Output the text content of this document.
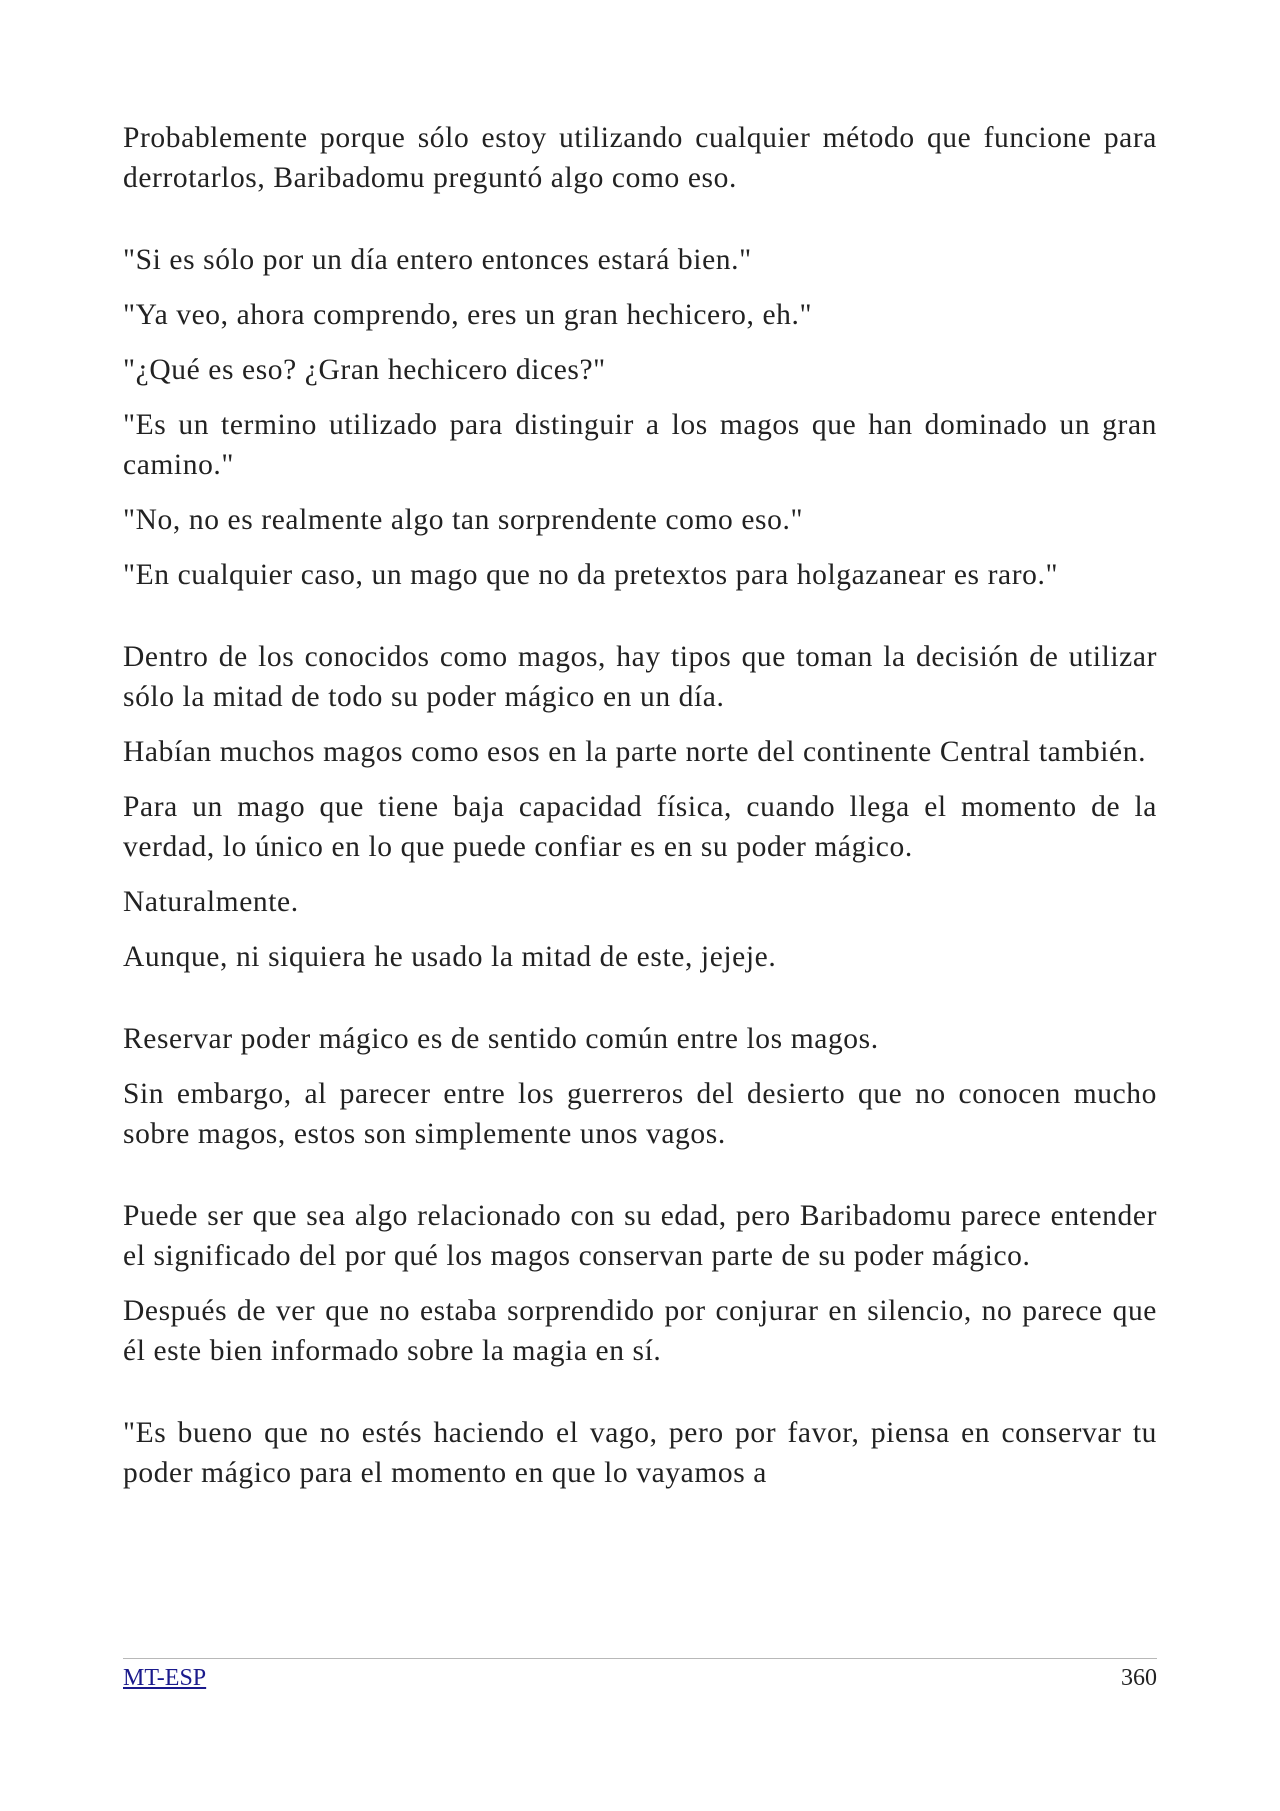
Probablemente porque sólo estoy utilizando cualquier método que funcione para derrotarlos, Baribadomu preguntó algo como eso.

"Si es sólo por un día entero entonces estará bien."

"Ya veo, ahora comprendo, eres un gran hechicero, eh."

"¿Qué es eso? ¿Gran hechicero dices?"

"Es un termino utilizado para distinguir a los magos que han dominado un gran camino."

"No, no es realmente algo tan sorprendente como eso."

"En cualquier caso, un mago que no da pretextos para holgazanear es raro."

Dentro de los conocidos como magos, hay tipos que toman la decisión de utilizar sólo la mitad de todo su poder mágico en un día.

Habían muchos magos como esos en la parte norte del continente Central también.

Para un mago que tiene baja capacidad física, cuando llega el momento de la verdad, lo único en lo que puede confiar es en su poder mágico.

Naturalmente.

Aunque, ni siquiera he usado la mitad de este, jejeje.

Reservar poder mágico es de sentido común entre los magos.

Sin embargo, al parecer entre los guerreros del desierto que no conocen mucho sobre magos, estos son simplemente unos vagos.

Puede ser que sea algo relacionado con su edad, pero Baribadomu parece entender el significado del por qué los magos conservan parte de su poder mágico.

Después de ver que no estaba sorprendido por conjurar en silencio, no parece que él este bien informado sobre la magia en sí.

"Es bueno que no estés haciendo el vago, pero por favor, piensa en conservar tu poder mágico para el momento en que lo vayamos a

MT-ESP	360
